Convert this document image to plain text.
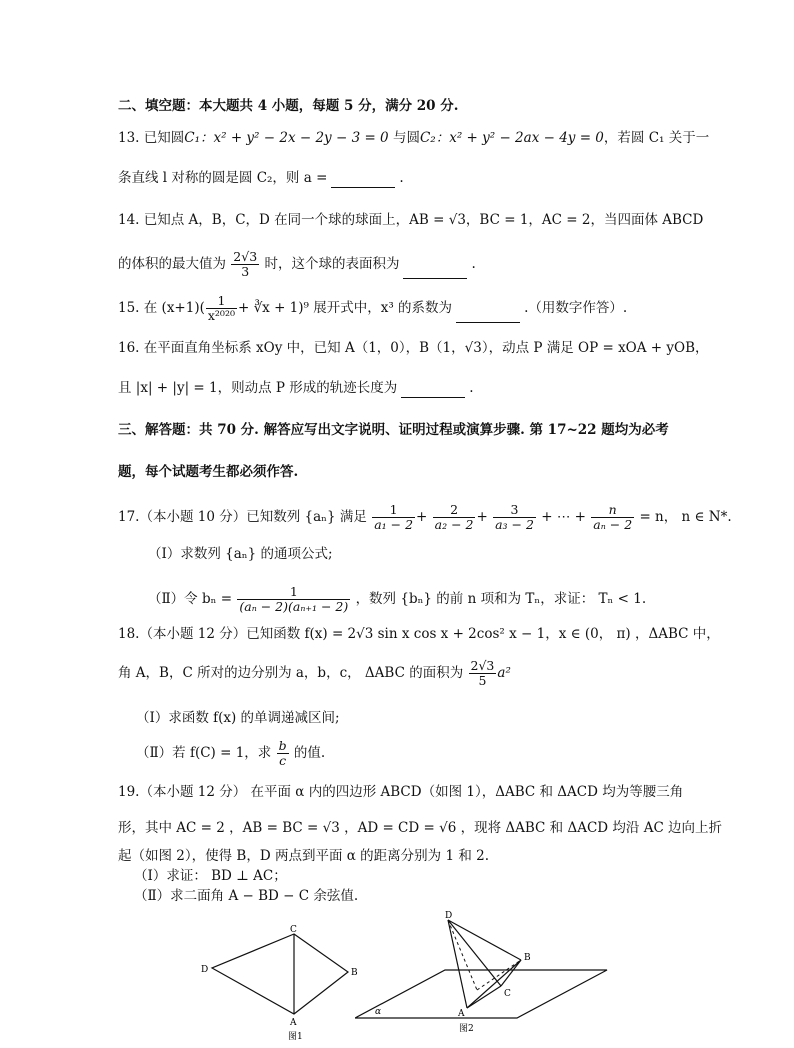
二、填空题：本大题共 4 小题，每题 5 分，满分 20 分.
13. 已知圆C₁：x² + y² − 2x − 2y − 3 = 0 与圆C₂：x² + y² − 2ax − 4y = 0，若圆 C₁ 关于一
条直线 l 对称的圆是圆 C₂，则 a =	.
14. 已知点 A，B，C，D 在同一个球的球面上，AB = √3，BC = 1，AC = 2，当四面体 ABCD
的体积的最大值为 $\frac{2√3}{3}$ 时，这个球的表面积为	.
15. 在 $(x+1)( \frac{1}{\text{x²⁰²⁰}}$ + ∛x + 1)⁹ 展开式中，x³ 的系数为	.（用数字作答）.
16. 在平面直角坐标系 xOy 中，已知 A（1，0），B（1，√3），动点 P 满足 OP = xOA + yOB，
且 |x| + |y| = 1，则动点 P 形成的轨迹长度为	.
三、解答题：共 70 分. 解答应写出文字说明、证明过程或演算步骤. 第 17~22 题均为必考
题，每个试题考生都必须作答.
17.（本小题 10 分）已知数列 {aₙ} 满足 $\frac{1}{\text{a₁ − 2}} + \frac{2}{\text{a₂ − 2}} + \frac{3}{\text{a₃ − 2}}$ + ⋯ + $\frac{n}{\text{aₙ − 2}} = n$， n ∈ N*.
（Ⅰ）求数列 {aₙ} 的通项公式;
（Ⅱ）令 $b_n = \frac{1}{\text{(aₙ − 2)(aₙ₊₁ − 2)}}$ ，数列 {bₙ} 的前 n 项和为 Tₙ，求证： Tₙ < 1.
18.（本小题 12 分）已知函数 f(x) = 2√3 sin x cos x + 2cos² x − 1，x ∈ (0， π) ，ΔABC 中，
角 A，B，C 所对的边分别为 a，b，c， ΔABC 的面积为 $\frac{2√3}{5} a^2$
（Ⅰ）求函数 f(x) 的单调递减区间;
（Ⅱ）若 f(C) = 1，求 $\frac{b}{c}$ 的值.
19.（本小题 12 分） 在平面 α 内的四边形 ABCD（如图 1），ΔABC 和 ΔACD 均为等腰三角
形，其中 AC = 2 ，AB = BC = √3 ，AD = CD = √6 ，现将 ΔABC 和 ΔACD 均沿 AC 边向上折
起（如图 2），使得 B，D 两点到平面 α 的距离分别为 1 和 2.
（Ⅰ）求证： BD ⊥ AC；
（Ⅱ）求二面角 A − BD − C 余弦值.
C
B
D
A
图1
D
B
C
A
α
图2
